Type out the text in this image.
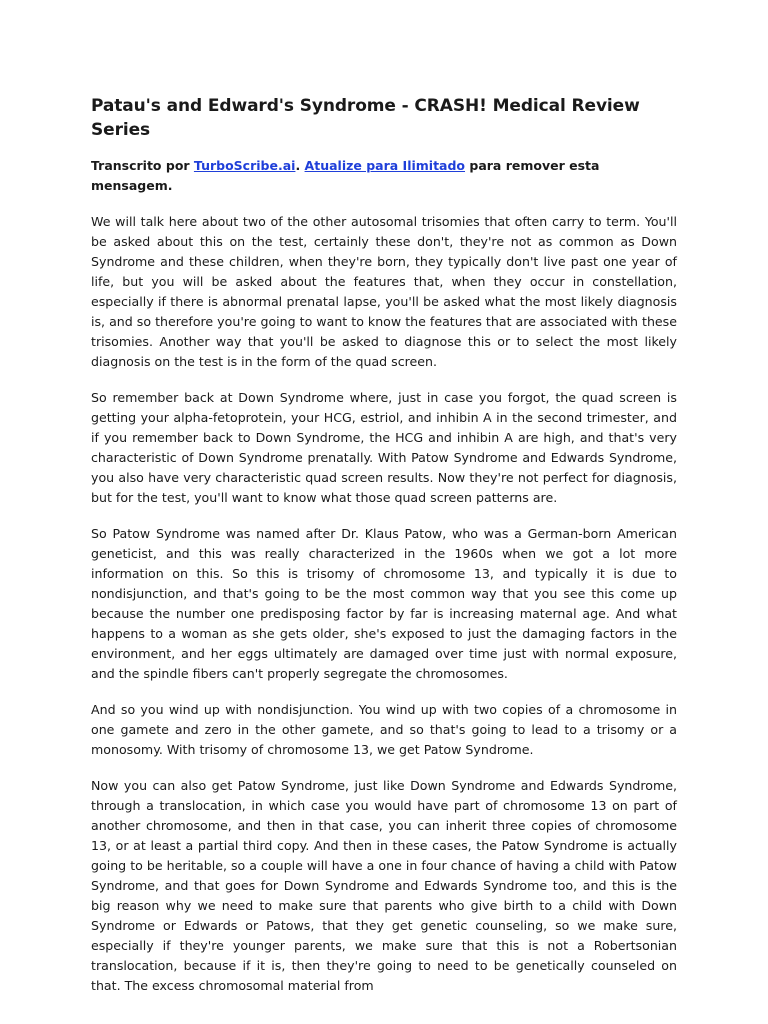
Patau's and Edward's Syndrome - CRASH! Medical Review Series

Transcrito por TurboScribe.ai. Atualize para Ilimitado para remover esta mensagem.

We will talk here about two of the other autosomal trisomies that often carry to term. You'll be asked about this on the test, certainly these don't, they're not as common as Down Syndrome and these children, when they're born, they typically don't live past one year of life, but you will be asked about the features that, when they occur in constellation, especially if there is abnormal prenatal lapse, you'll be asked what the most likely diagnosis is, and so therefore you're going to want to know the features that are associated with these trisomies. Another way that you'll be asked to diagnose this or to select the most likely diagnosis on the test is in the form of the quad screen.

So remember back at Down Syndrome where, just in case you forgot, the quad screen is getting your alpha-fetoprotein, your HCG, estriol, and inhibin A in the second trimester, and if you remember back to Down Syndrome, the HCG and inhibin A are high, and that's very characteristic of Down Syndrome prenatally. With Patow Syndrome and Edwards Syndrome, you also have very characteristic quad screen results. Now they're not perfect for diagnosis, but for the test, you'll want to know what those quad screen patterns are.

So Patow Syndrome was named after Dr. Klaus Patow, who was a German-born American geneticist, and this was really characterized in the 1960s when we got a lot more information on this. So this is trisomy of chromosome 13, and typically it is due to nondisjunction, and that's going to be the most common way that you see this come up because the number one predisposing factor by far is increasing maternal age. And what happens to a woman as she gets older, she's exposed to just the damaging factors in the environment, and her eggs ultimately are damaged over time just with normal exposure, and the spindle fibers can't properly segregate the chromosomes.

And so you wind up with nondisjunction. You wind up with two copies of a chromosome in one gamete and zero in the other gamete, and so that's going to lead to a trisomy or a monosomy. With trisomy of chromosome 13, we get Patow Syndrome.

Now you can also get Patow Syndrome, just like Down Syndrome and Edwards Syndrome, through a translocation, in which case you would have part of chromosome 13 on part of another chromosome, and then in that case, you can inherit three copies of chromosome 13, or at least a partial third copy. And then in these cases, the Patow Syndrome is actually going to be heritable, so a couple will have a one in four chance of having a child with Patow Syndrome, and that goes for Down Syndrome and Edwards Syndrome too, and this is the big reason why we need to make sure that parents who give birth to a child with Down Syndrome or Edwards or Patows, that they get genetic counseling, so we make sure, especially if they're younger parents, we make sure that this is not a Robertsonian translocation, because if it is, then they're going to need to be genetically counseled on that. The excess chromosomal material from
